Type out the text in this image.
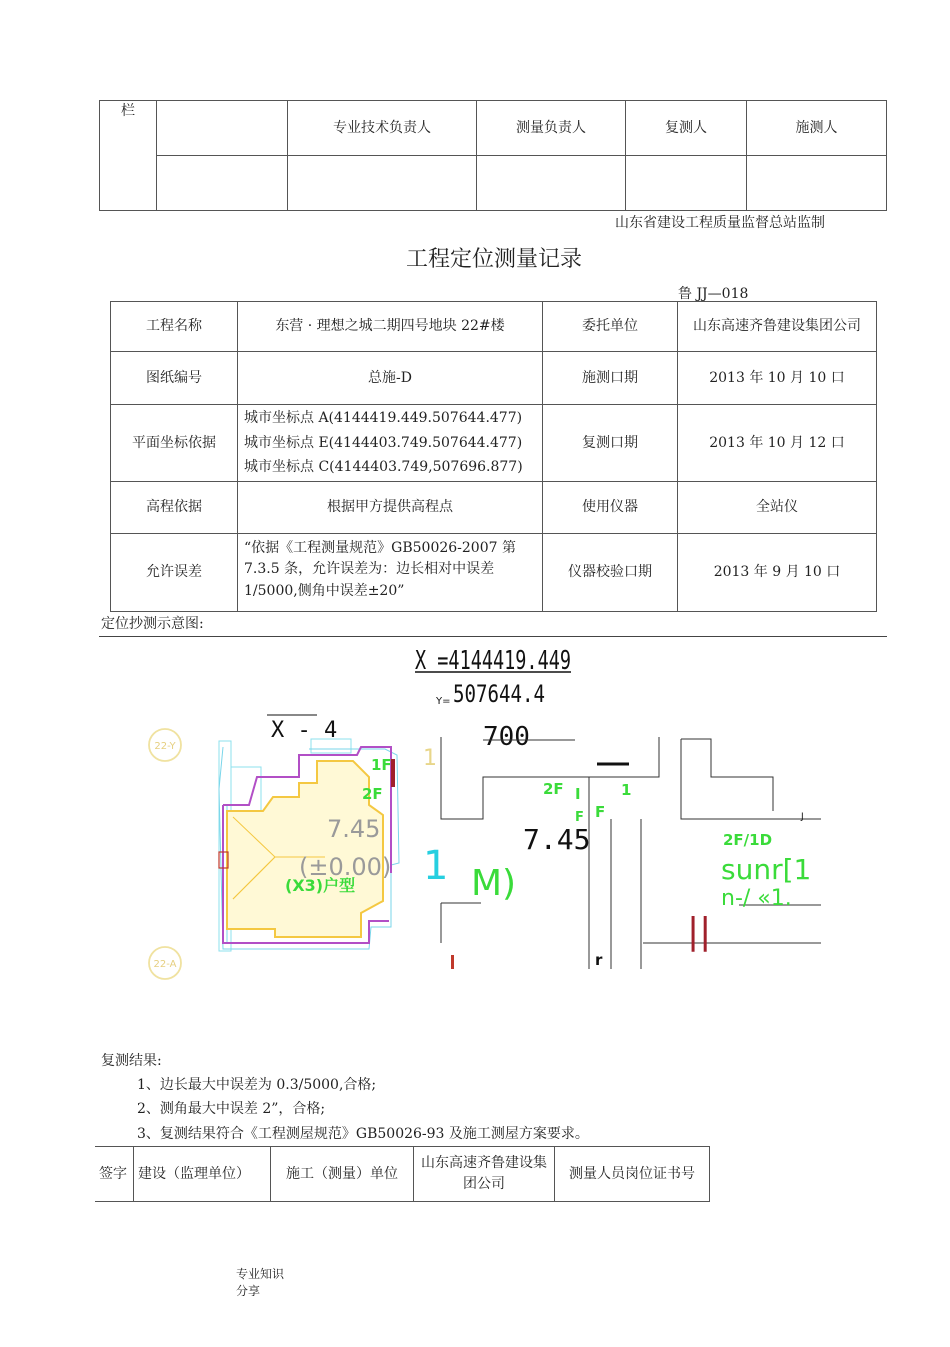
栏		专业技术负责人	测量负责人	复测人	施测人

山东省建设工程质量监督总站监制
工程定位测量记录
鲁 JJ—018
工程名称	东营 · 理想之城二期四号地块 22#楼	委托单位	山东高速齐鲁建设集团公司
图纸编号	总施-D	施测口期	2013 年 10 月 10 口
平面坐标依据	城市坐标点 A(4144419.449.507644.477)
城市坐标点 E(4144403.749.507644.477)
城市坐标点 C(4144403.749,507696.877)	复测口期	2013 年 10 月 12 口
高程依据	根据甲方提供高程点	使用仪器	全站仪
允许误差	“依据《工程测量规范》GB50026-2007 第
7.3.5 条，允许误差为：边长相对中误差
1/5000,侧角中误差±20”	仪器校验口期	2013 年 9 月 10 口
定位抄测示意图:
X =4144419.449
Y= 507644.4
22-Y
22-A
X - 4
1F
2F
7.45
(±0.00)
(X3)户型
1
700
2F I
F F
1
7.45
1 M)
2F/1D
sunr[1
n-/ «1.
||
r
J
复测结果:
1、边长最大中误差为 0.3/5000,合格;
2、测角最大中误差 2”，合格;
3、复测结果符合《工程测屋规范》GB50026-93 及施工测屋方案要求。
签字	建设（监理单位）	施工（测量）单位	山东高速齐鲁建设集团公司	测量人员岗位证书号
专业知识分享
